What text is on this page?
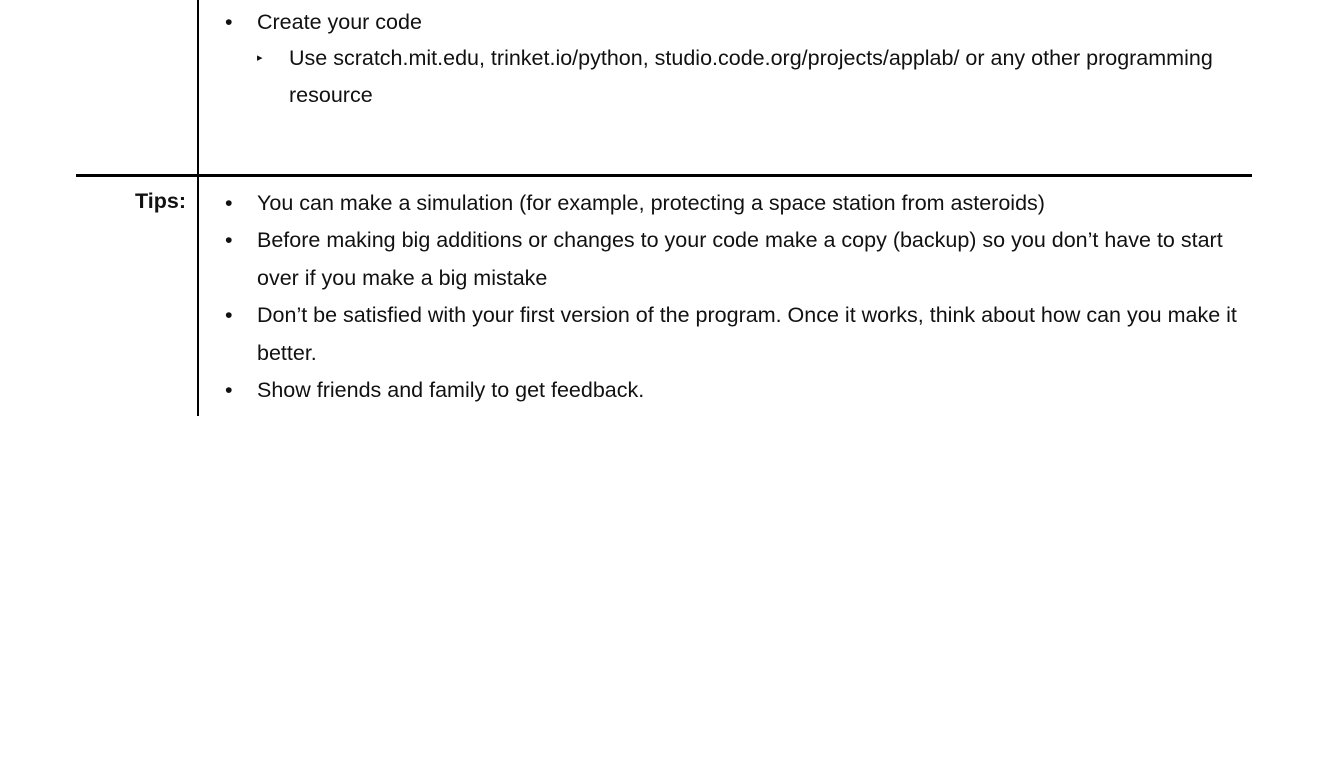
• Create your code
▸ Use scratch.mit.edu, trinket.io/python, studio.code.org/projects/applab/ or any other programming resource
Tips: • You can make a simulation (for example, protecting a space station from asteroids)
• Before making big additions or changes to your code make a copy (backup) so you don’t have to start over if you make a big mistake
• Don’t be satisfied with your first version of the program. Once it works, think about how can you make it better.
• Show friends and family to get feedback.
